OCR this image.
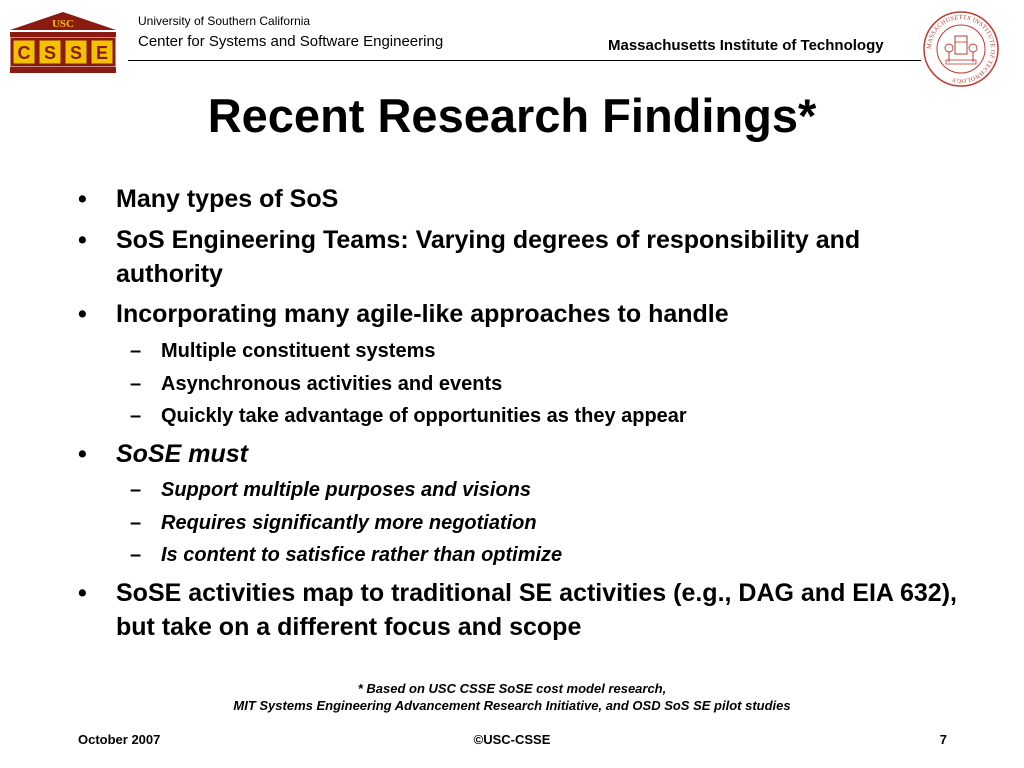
USC
C S S E
University of Southern California
Center for Systems and Software Engineering	Massachusetts Institute of Technology	MASSACHUSETTS INSTITUTE OF TECHNOLOGY
Recent Research Findings*
• Many types of SoS
• SoS Engineering Teams: Varying degrees of responsibility and authority
• Incorporating many agile-like approaches to handle
– Multiple constituent systems
– Asynchronous activities and events
– Quickly take advantage of opportunities as they appear
• SoSE must
– Support multiple purposes and visions
– Requires significantly more negotiation
– Is content to satisfice rather than optimize
• SoSE activities map to traditional SE activities (e.g., DAG and EIA 632), but take on a different focus and scope
* Based on USC CSSE SoSE cost model research,
MIT Systems Engineering Advancement Research Initiative, and OSD SoS SE pilot studies
October 2007	©USC-CSSE	7
